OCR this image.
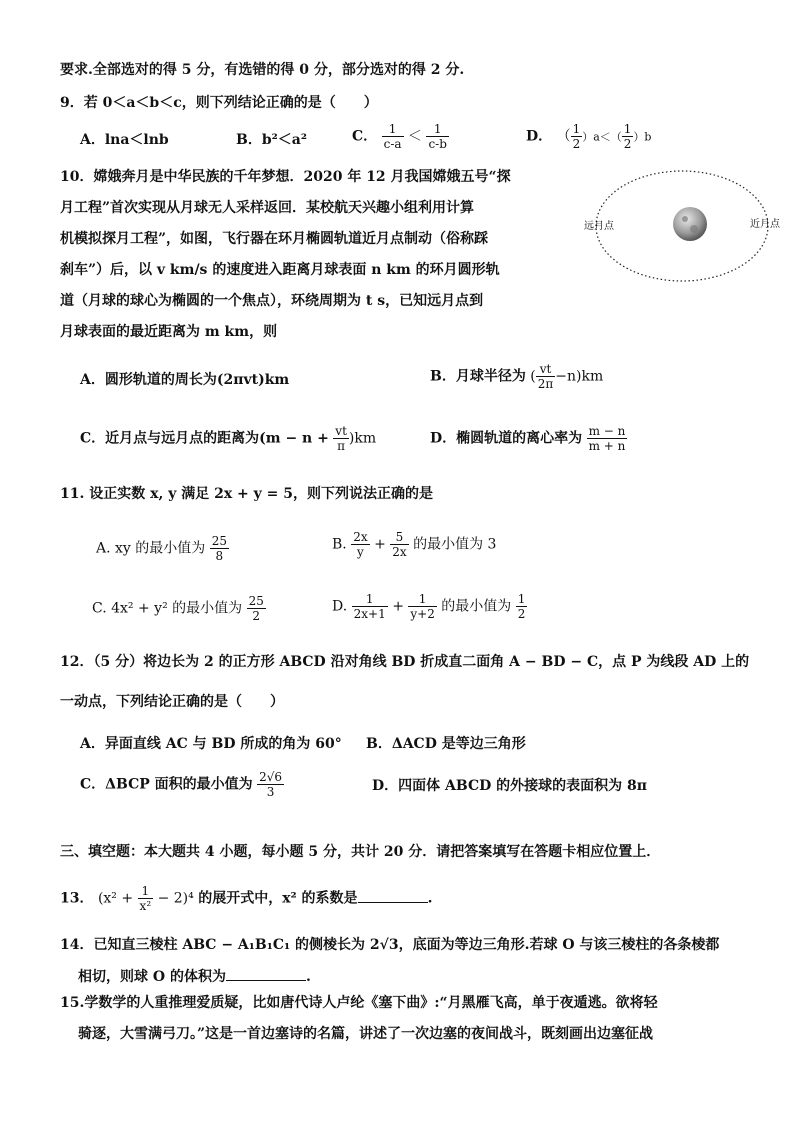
要求.全部选对的得 5 分，有选错的得 0 分，部分选对的得 2 分.
9．若 0＜a＜b＜c，则下列结论正确的是（　　）
A．lna＜lnb	B．b²＜a²	C． $\frac{1}{c-a} < \frac{1}{c-b}$	D． （ $\frac{1}{2} )a<( \frac{1}{2} )b$
10．嫦娥奔月是中华民族的千年梦想．2020 年 12 月我国嫦娥五号“探
月工程”首次实现从月球无人采样返回．某校航天兴趣小组利用计算
机模拟探月工程”，如图，飞行器在环月椭圆轨道近月点制动（俗称踩
刹车”）后，以 v km/s 的速度进入距离月球表面 n km 的环月圆形轨
道（月球的球心为椭圆的一个焦点），环绕周期为 t s，已知远月点到
月球表面的最近距离为 m km，则
远月点	近月点
A．圆形轨道的周长为(2πvt)km	B．月球半径为 ( $\frac{vt}{2\pi} -n)km$
C．近月点与远月点的距离为$(m - n + \frac{vt}{\pi} )km$	D．椭圆轨道的离心率为 $\frac{m - n}{m + n}$
11. 设正实数 x, y 满足 2x + y = 5，则下列说法正确的是
A. xy 的最小值为 $\frac{25}{8}$	B. $\frac{2x}{y} + \frac{5}{2x}$ 的最小值为 3
C. 4x² + y² 的最小值为 $\frac{25}{2}$	D. $\frac{1}{2x+1} + \frac{1}{y+2}$ 的最小值为 $\frac{1}{2}$
12．（5 分）将边长为 2 的正方形 ABCD 沿对角线 BD 折成直二面角 A − BD − C，点 P 为线段 AD 上的
一动点，下列结论正确的是（　　）
A．异面直线 AC 与 BD 所成的角为 60° B．ΔACD 是等边三角形
C．ΔBCP 面积的最小值为 $\frac{2√6}{3}$	D．四面体 ABCD 的外接球的表面积为 8π
三、填空题：本大题共 4 小题，每小题 5 分，共计 20 分．请把答案填写在答题卡相应位置上．
13． $(x^2 + \frac{1}{\text{x²}} - 2)^4$ 的展开式中，x² 的系数是	.
14．已知直三棱柱 ABC − A₁B₁C₁ 的侧棱长为 2√3，底面为等边三角形.若球 O 与该三棱柱的各条棱都
相切，则球 O 的体积为	.
15.学数学的人重推理爱质疑，比如唐代诗人卢纶《塞下曲》:“月黑雁飞高，单于夜遁逃。欲将轻
骑逐，大雪满弓刀。”这是一首边塞诗的名篇，讲述了一次边塞的夜间战斗，既刻画出边塞征战
